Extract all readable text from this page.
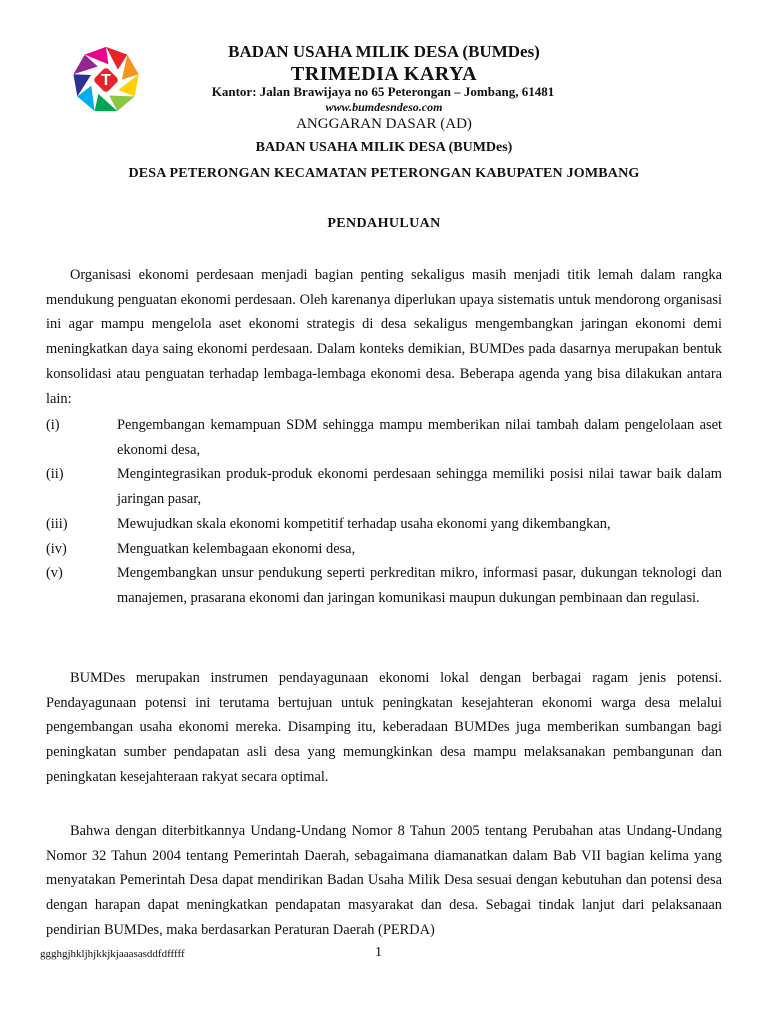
T
BADAN USAHA MILIK DESA (BUMDes)
TRIMEDIA KARYA
Kantor: Jalan Brawijaya no 65 Peterongan – Jombang, 61481
www.bumdesndeso.com
ANGGARAN DASAR (AD)
BADAN USAHA MILIK DESA (BUMDes)
DESA PETERONGAN KECAMATAN PETERONGAN KABUPATEN JOMBANG
PENDAHULUAN

Organisasi ekonomi perdesaan menjadi bagian penting sekaligus masih menjadi titik lemah dalam rangka mendukung penguatan ekonomi perdesaan. Oleh karenanya diperlukan upaya sistematis untuk mendorong organisasi ini agar mampu mengelola aset ekonomi strategis di desa sekaligus mengembangkan jaringan ekonomi demi meningkatkan daya saing ekonomi perdesaan. Dalam konteks demikian, BUMDes pada dasarnya merupakan bentuk konsolidasi atau penguatan terhadap lembaga-lembaga ekonomi desa. Beberapa agenda yang bisa dilakukan antara lain:

(i)	Pengembangan kemampuan SDM sehingga mampu memberikan nilai tambah dalam pengelolaan aset ekonomi desa,
(ii)	Mengintegrasikan produk-produk ekonomi perdesaan sehingga memiliki posisi nilai tawar baik dalam jaringan pasar,
(iii)	Mewujudkan skala ekonomi kompetitif terhadap usaha ekonomi yang dikembangkan,
(iv)	Menguatkan kelembagaan ekonomi desa,
(v)	Mengembangkan unsur pendukung seperti perkreditan mikro, informasi pasar, dukungan teknologi dan manajemen, prasarana ekonomi dan jaringan komunikasi maupun dukungan pembinaan dan regulasi.

BUMDes merupakan instrumen pendayagunaan ekonomi lokal dengan berbagai ragam jenis potensi. Pendayagunaan potensi ini terutama bertujuan untuk peningkatan kesejahteran ekonomi warga desa melalui pengembangan usaha ekonomi mereka. Disamping itu, keberadaan BUMDes juga memberikan sumbangan bagi peningkatan sumber pendapatan asli desa yang memungkinkan desa mampu melaksanakan pembangunan dan peningkatan kesejahteraan rakyat secara optimal.

Bahwa dengan diterbitkannya Undang-Undang Nomor 8 Tahun 2005 tentang Perubahan atas Undang-Undang Nomor 32 Tahun 2004 tentang Pemerintah Daerah, sebagaimana diamanatkan dalam Bab VII bagian kelima yang menyatakan Pemerintah Desa dapat mendirikan Badan Usaha Milik Desa sesuai dengan kebutuhan dan potensi desa dengan harapan dapat meningkatkan pendapatan masyarakat dan desa. Sebagai tindak lanjut dari pelaksanaan pendirian BUMDes, maka berdasarkan Peraturan Daerah (PERDA)

ggghgjhkljhjkkjkjaaasasddfdfffff	1
